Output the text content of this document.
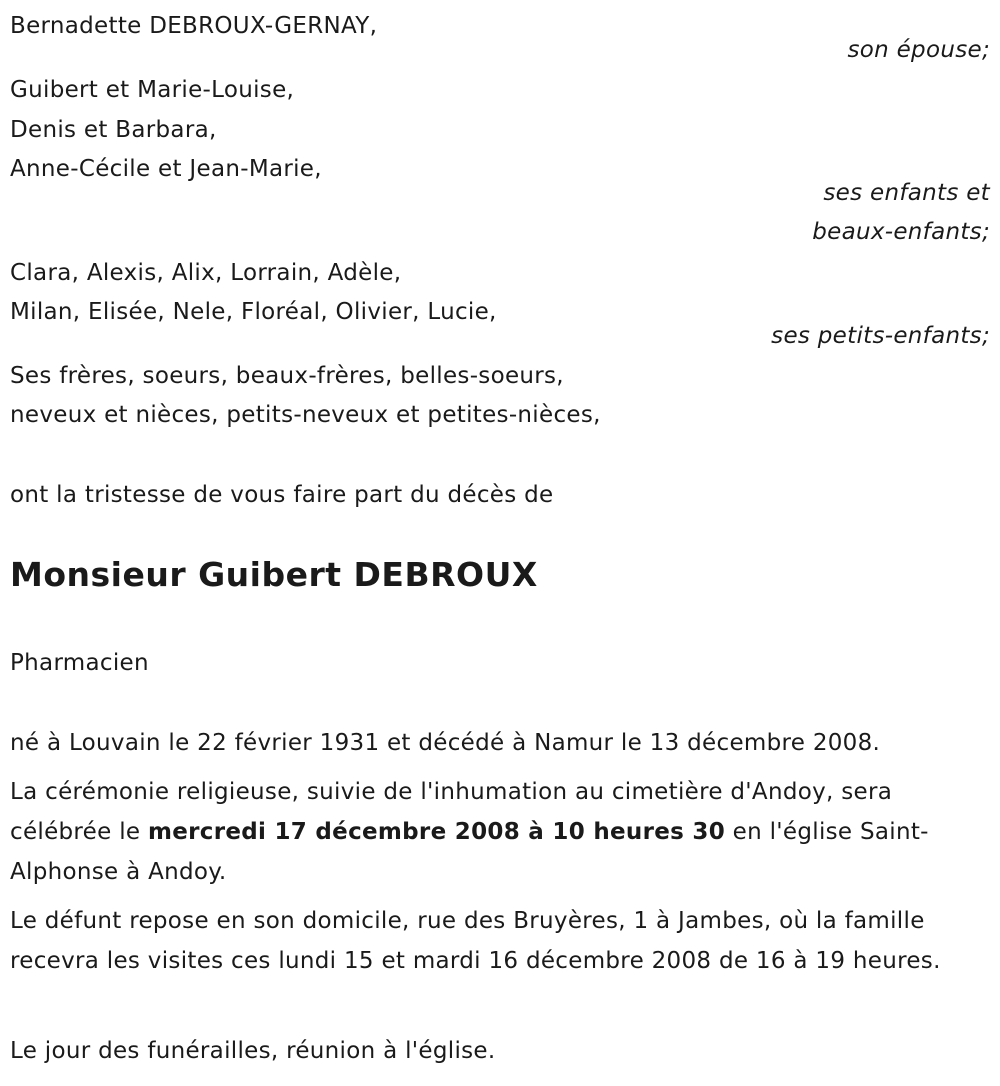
Bernadette DEBROUX-GERNAY,
son épouse;
Guibert et Marie-Louise,
Denis et Barbara,
Anne-Cécile et Jean-Marie,
ses enfants et
beaux-enfants;
Clara, Alexis, Alix, Lorrain, Adèle,
Milan, Elisée, Nele, Floréal, Olivier, Lucie,
ses petits-enfants;
Ses frères, soeurs, beaux-frères, belles-soeurs,
neveux et nièces, petits-neveux et petites-nièces,
ont la tristesse de vous faire part du décès de
Monsieur Guibert DEBROUX
Pharmacien
né à Louvain le 22 février 1931 et décédé à Namur le 13 décembre 2008.
La cérémonie religieuse, suivie de l'inhumation au cimetière d'Andoy, sera célébrée le mercredi 17 décembre 2008 à 10 heures 30 en l'église Saint-Alphonse à Andoy.
Le défunt repose en son domicile, rue des Bruyères, 1 à Jambes, où la famille recevra les visites ces lundi 15 et mardi 16 décembre 2008 de 16 à 19 heures.
Le jour des funérailles, réunion à l'église.
